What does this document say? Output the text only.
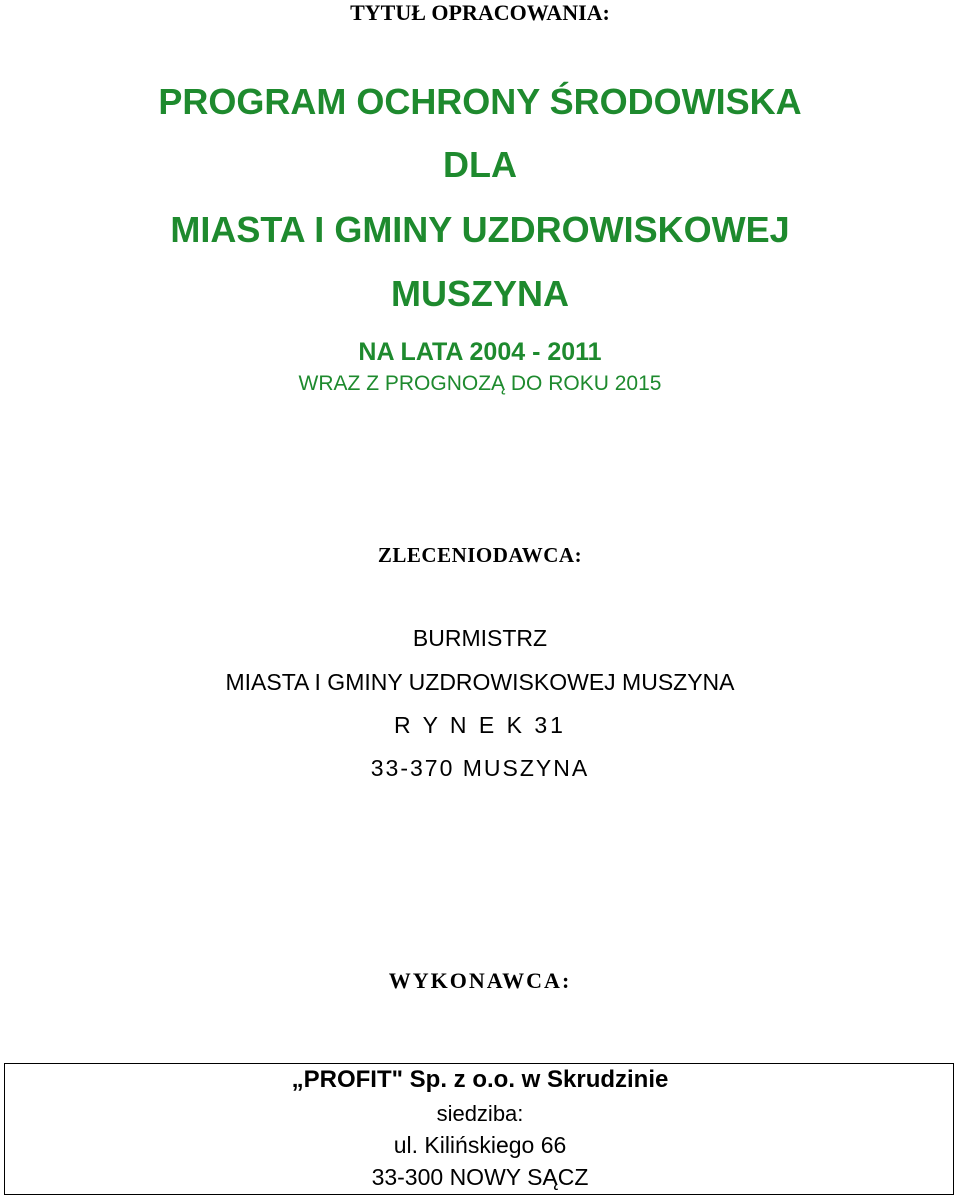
TYTUŁ OPRACOWANIA:
PROGRAM OCHRONY ŚRODOWISKA
DLA
MIASTA I GMINY UZDROWISKOWEJ
MUSZYNA
NA LATA 2004 - 2011
WRAZ Z PROGNOZĄ DO ROKU 2015
ZLECENIODAWCA:
BURMISTRZ
MIASTA I GMINY UZDROWISKOWEJ MUSZYNA
R Y N E K 31
33-370 MUSZYNA
WYKONAWCA:
„PROFIT" Sp. z o.o. w Skrudzinie
siedziba:
ul. Kilińskiego 66
33-300 NOWY SĄCZ
